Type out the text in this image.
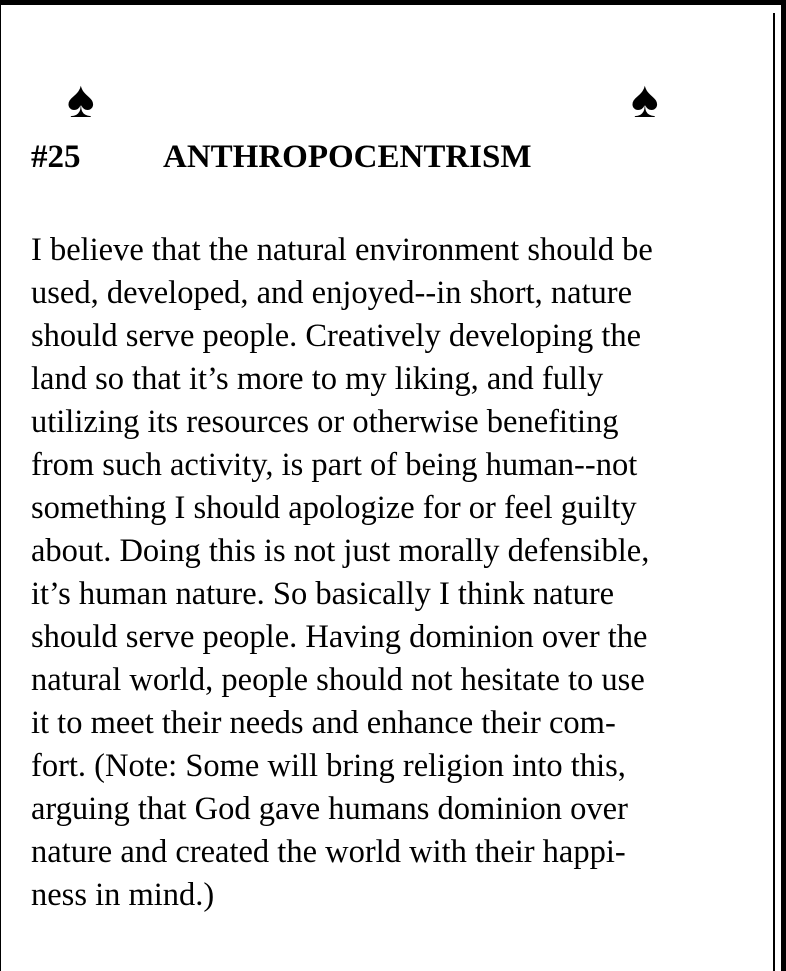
♠	♠
#25	ANTHROPOCENTRISM
I believe that the natural environment should be
used, developed, and enjoyed--in short, nature
should serve people. Creatively developing the
land so that it’s more to my liking, and fully
utilizing its resources or otherwise benefiting
from such activity, is part of being human--not
something I should apologize for or feel guilty
about. Doing this is not just morally defensible,
it’s human nature. So basically I think nature
should serve people. Having dominion over the
natural world, people should not hesitate to use
it to meet their needs and enhance their com-
fort. (Note: Some will bring religion into this,
arguing that God gave humans dominion over
nature and created the world with their happi-
ness in mind.)
